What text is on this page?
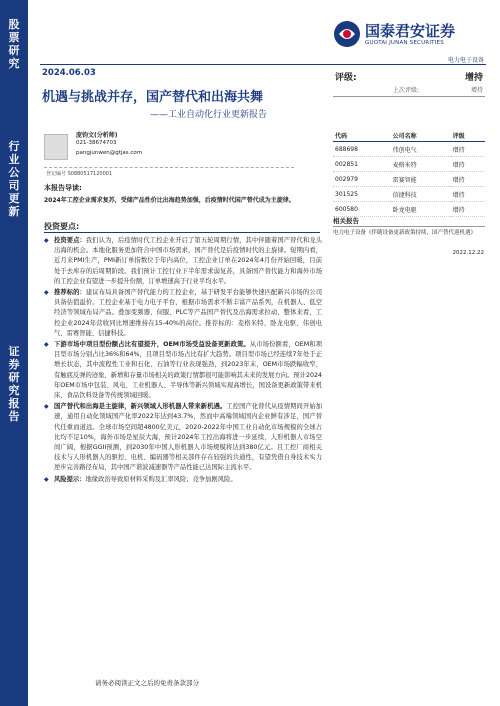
股
票
研
究
行
业
公
司
更
新
证
券
研
究
报
告
国泰君安证券
GUOTAI JUNAN SECURITIES
电力电子设备
2024.06.03
机遇与挑战并存，国产替代和出海共舞
——工业自动化行业更新报告
评级:	增持
上次评级:	增持
庞钧文(分析师)
021-38674703
pangjunwen@gtjas.com
登记编号 S0880517120001
本报告导读:
2024年工控企业需求复苏，受储产品性价比出海趋势加强，后疫情时代国产替代成为主旋律。
投资要点:
◆ 投资要点：我们认为，后疫情时代工控企业开启了第五轮周期行情，其中伴随着国产替代和龙头出海的机会。本地化服务更加符合中国市场需求，国产替代是后疫情时代的主旋律。短期内看，近月来PMI生产，PMI新订单指数位于年内高位，工控企业订单在2024年4月份开始回暖，目前处于去库存的后周期阶段。我们预计工控行业下半年需求弱复苏，具备国产替代能力和海外市场的工控企业有望进一步提升份额，订单增速高于行业平均水平。
◆ 推荐标的：建议布局具备国产替代能力的工控企业，基于研发平台能够快速匹配新兴市场的公司具备估值溢价。工控企业基于电力电子平台，根据市场需求不断丰富产品系列，在机器人、低空经济等领域布局产品。叠加变频器、伺服、PLC等产品国产替代及出海需求拉动，整体来看，工控企业2024年营收同比增速维持在15-40%的高位。推荐标的：麦格米特、卧龙电驱、伟创电气、雷赛智能、信捷科技。
◆ 下游市场中项目型份额占比有望提升，OEM市场受益设备更新政策。从市场份额看，OEM和项目型市场分别占比36%和64%，且项目型市场占比有扩大趋势。项目型市场已经连续7年处于正增长状态，其中流程性工业和石化、石油等行业表现强劲，到2023年末，OEM市场跌幅收窄，有触底反弹的迹象，新增和存量市场相关的政策行情都很可能影响其未来的发展方向。预计2024年OEM市场中包装、风电、工业机器人、半导体等新兴领域实现高增长，国设备更新政策带来机床、食品饮料设备等传统领域回暖。
◆ 国产替代和出海是主旋律，新兴领域人形机器人带来新机遇。工控国产化替代从疫情期间开始加速，通用自动化领域国产化率2022年达到43.7%，然而中高端领域国内企业鲜有涉足，国产替代任重而道远。全球市场空间超4800亿美元，2020-2022年中国工业自动化市场规模的全球占比均不足10%，海外市场是星辰大海，预计2024年工控出海将进一步延续，人形机器人市场空间广阔，根据GGII预测，到2030年中国人形机器人市场规模将达到380亿元。且工控厂商相关技术与人形机器人的驱控、电机、编码器等相关部件存在较强的共通性，有望凭借自身技术实力逆步完善路径布局，其中国产谐波减速器等产品性能已达国际主流水平。
◆ 风险提示：地缘政治导致原材料采购及汇率风险；竞争加剧风险。
代码	公司名称	评级
688698	伟创电气	增持
002851	麦格米特	增持
002979	雷赛智能	增持
301525	信捷科技	增持
600580	卧龙电驱	增持
相关报告
电力电子设备《伴随设备更新政策持续，国产替代迎机遇》
2022.12.22
请务必阅读正文之后的免责条款部分
